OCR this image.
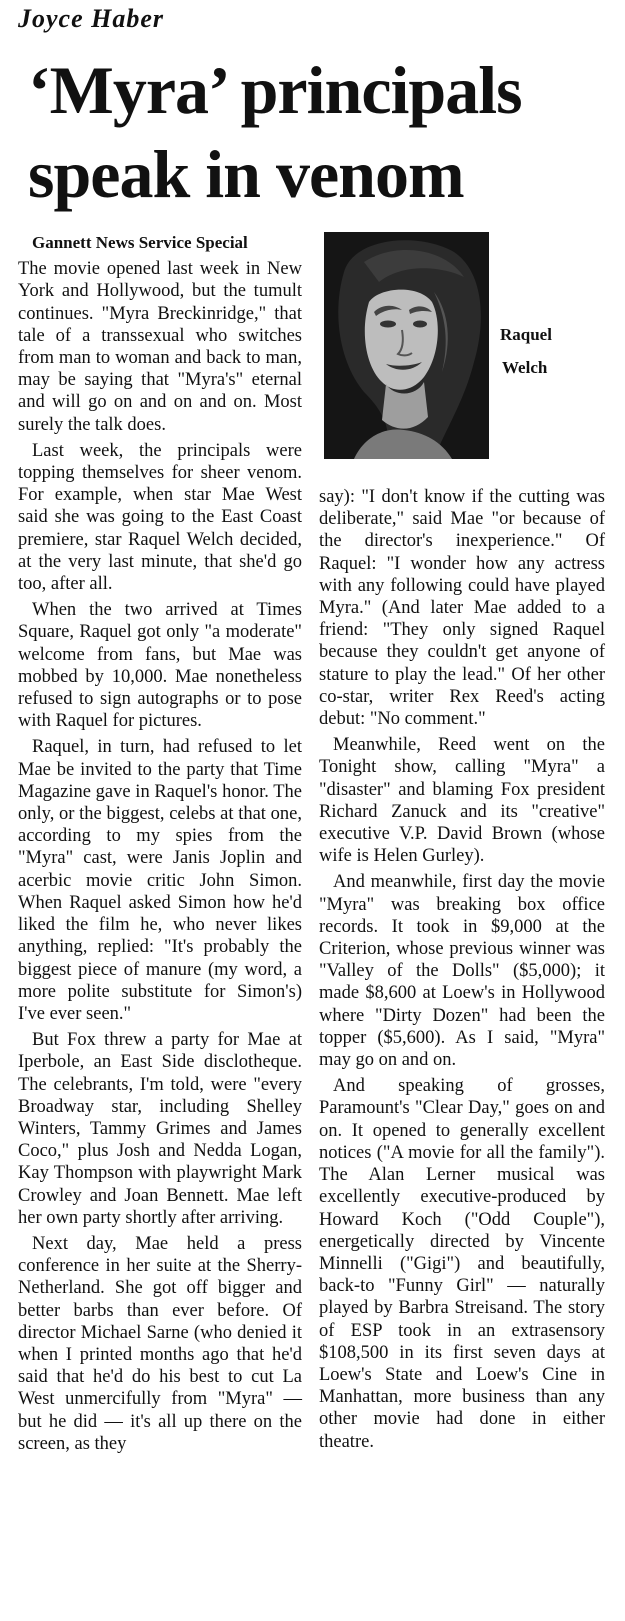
Joyce Haber
‘Myra’ principals
speak in venom

Gannett News Service Special

The movie opened last week in New York and Hollywood, but the tumult continues. "Myra Breckinridge," that tale of a transsexual who switches from man to woman and back to man, may be saying that "Myra's" eternal and will go on and on and on. Most surely the talk does.

Last week, the principals were topping themselves for sheer venom. For example, when star Mae West said she was going to the East Coast premiere, star Raquel Welch decided, at the very last minute, that she'd go too, after all.

When the two arrived at Times Square, Raquel got only "a moderate" welcome from fans, but Mae was mobbed by 10,000. Mae nonetheless refused to sign autographs or to pose with Raquel for pictures.

Raquel, in turn, had refused to let Mae be invited to the party that Time Magazine gave in Raquel's honor. The only, or the biggest, celebs at that one, according to my spies from the "Myra" cast, were Janis Joplin and acerbic movie critic John Simon. When Raquel asked Simon how he'd liked the film he, who never likes anything, replied: "It's probably the biggest piece of manure (my word, a more polite substitute for Simon's) I've ever seen."

But Fox threw a party for Mae at Iperbole, an East Side disclotheque. The celebrants, I'm told, were "every Broadway star, including Shelley Winters, Tammy Grimes and James Coco," plus Josh and Nedda Logan, Kay Thompson with playwright Mark Crowley and Joan Bennett. Mae left her own party shortly after arriving.

Next day, Mae held a press conference in her suite at the Sherry-Netherland. She got off bigger and better barbs than ever before. Of director Michael Sarne (who denied it when I printed months ago that he'd said that he'd do his best to cut La West unmercifully from "Myra" — but he did — it's all up there on the screen, as they

Raquel
Welch

say): "I don't know if the cutting was deliberate," said Mae "or because of the director's inexperience." Of Raquel: "I wonder how any actress with any following could have played Myra." (And later Mae added to a friend: "They only signed Raquel because they couldn't get anyone of stature to play the lead." Of her other co-star, writer Rex Reed's acting debut: "No comment."

Meanwhile, Reed went on the Tonight show, calling "Myra" a "disaster" and blaming Fox president Richard Zanuck and its "creative" executive V.P. David Brown (whose wife is Helen Gurley).

And meanwhile, first day the movie "Myra" was breaking box office records. It took in $9,000 at the Criterion, whose previous winner was "Valley of the Dolls" ($5,000); it made $8,600 at Loew's in Hollywood where "Dirty Dozen" had been the topper ($5,600). As I said, "Myra" may go on and on.

And speaking of grosses, Paramount's "Clear Day," goes on and on. It opened to generally excellent notices ("A movie for all the family"). The Alan Lerner musical was excellently executive-produced by Howard Koch ("Odd Couple"), energetically directed by Vincente Minnelli ("Gigi") and beautifully, back-to "Funny Girl" — naturally played by Barbra Streisand. The story of ESP took in an extrasensory $108,500 in its first seven days at Loew's State and Loew's Cine in Manhattan, more business than any other movie had done in either theatre.
